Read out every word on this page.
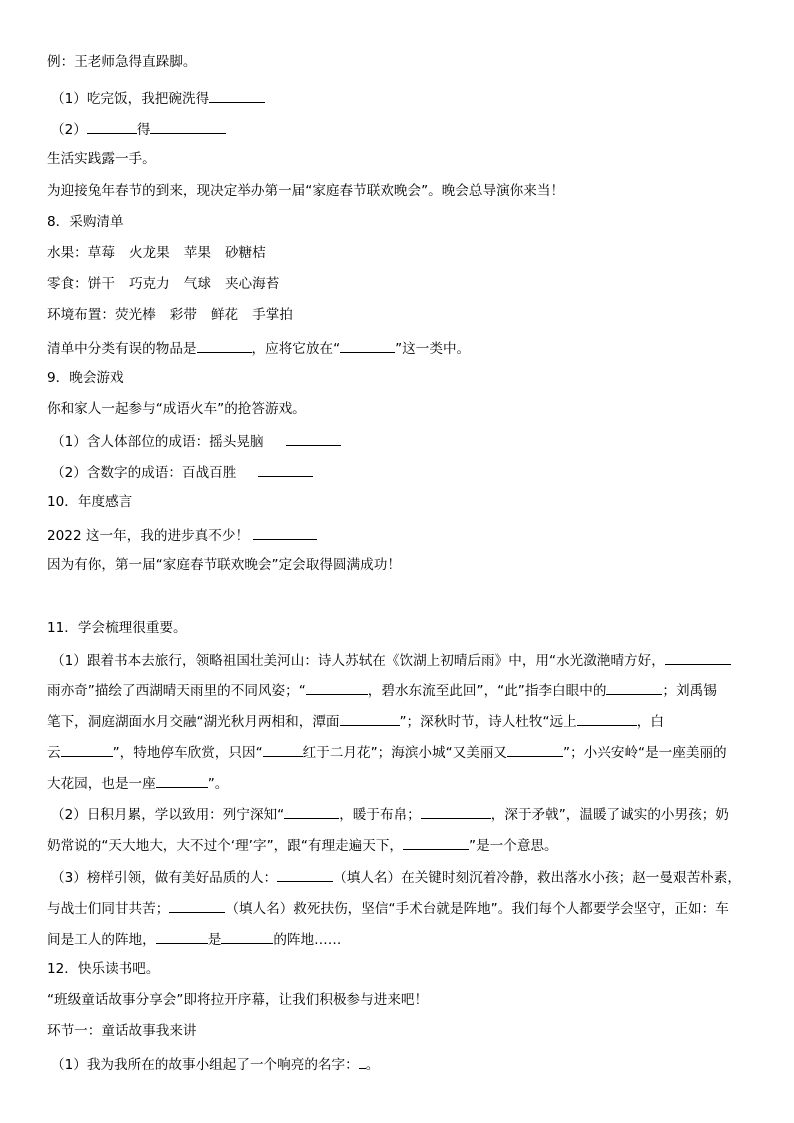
例：王老师急得直跺脚。
（1）吃完饭，我把碗洗得
（2）	得
生活实践露一手。
为迎接兔年春节的到来，现决定举办第一届“家庭春节联欢晚会”。晚会总导演你来当！
8．采购清单
水果：草莓 火龙果 苹果 砂糖桔
零食：饼干 巧克力 气球 夹心海苔
环境布置：荧光棒 彩带 鲜花 手掌拍
清单中分类有误的物品是	，应将它放在“	”这一类中。
9．晚会游戏
你和家人一起参与“成语火车”的抢答游戏。
（1）含人体部位的成语：摇头晃脑
（2）含数字的成语：百战百胜
10．年度感言
2022 这一年，我的进步真不少！
因为有你，第一届“家庭春节联欢晚会”定会取得圆满成功！
11．学会梳理很重要。
（1）跟着书本去旅行，领略祖国壮美河山：诗人苏轼在《饮湖上初晴后雨》中，用“水光潋滟晴方好，
雨亦奇”描绘了西湖晴天雨里的不同风姿；“	，碧水东流至此回”，“此”指李白眼中的	；刘禹锡
笔下，洞庭湖面水月交融“湖光秋月两相和，潭面	”；深秋时节，诗人杜牧“远上	，白
云	”，特地停车欣赏，只因“	红于二月花”；海滨小城“又美丽又	”；小兴安岭“是一座美丽的
大花园，也是一座	”。
（2）日积月累，学以致用：列宁深知“	，暖于布帛；	，深于矛戟”，温暖了诚实的小男孩；奶
奶常说的“天大地大，大不过个‘理’字”，跟“有理走遍天下，	”是一个意思。
（3）榜样引领，做有美好品质的人：	（填人名）在关键时刻沉着冷静，救出落水小孩；赵一曼艰苦朴素，
与战士们同甘共苦；	（填人名）救死扶伤，坚信“手术台就是阵地”。我们每个人都要学会坚守，正如：车
间是工人的阵地，	是	的阵地……
12．快乐读书吧。
“班级童话故事分享会”即将拉开序幕，让我们积极参与进来吧！
环节一：童话故事我来讲
（1）我为我所在的故事小组起了一个响亮的名字： 。
